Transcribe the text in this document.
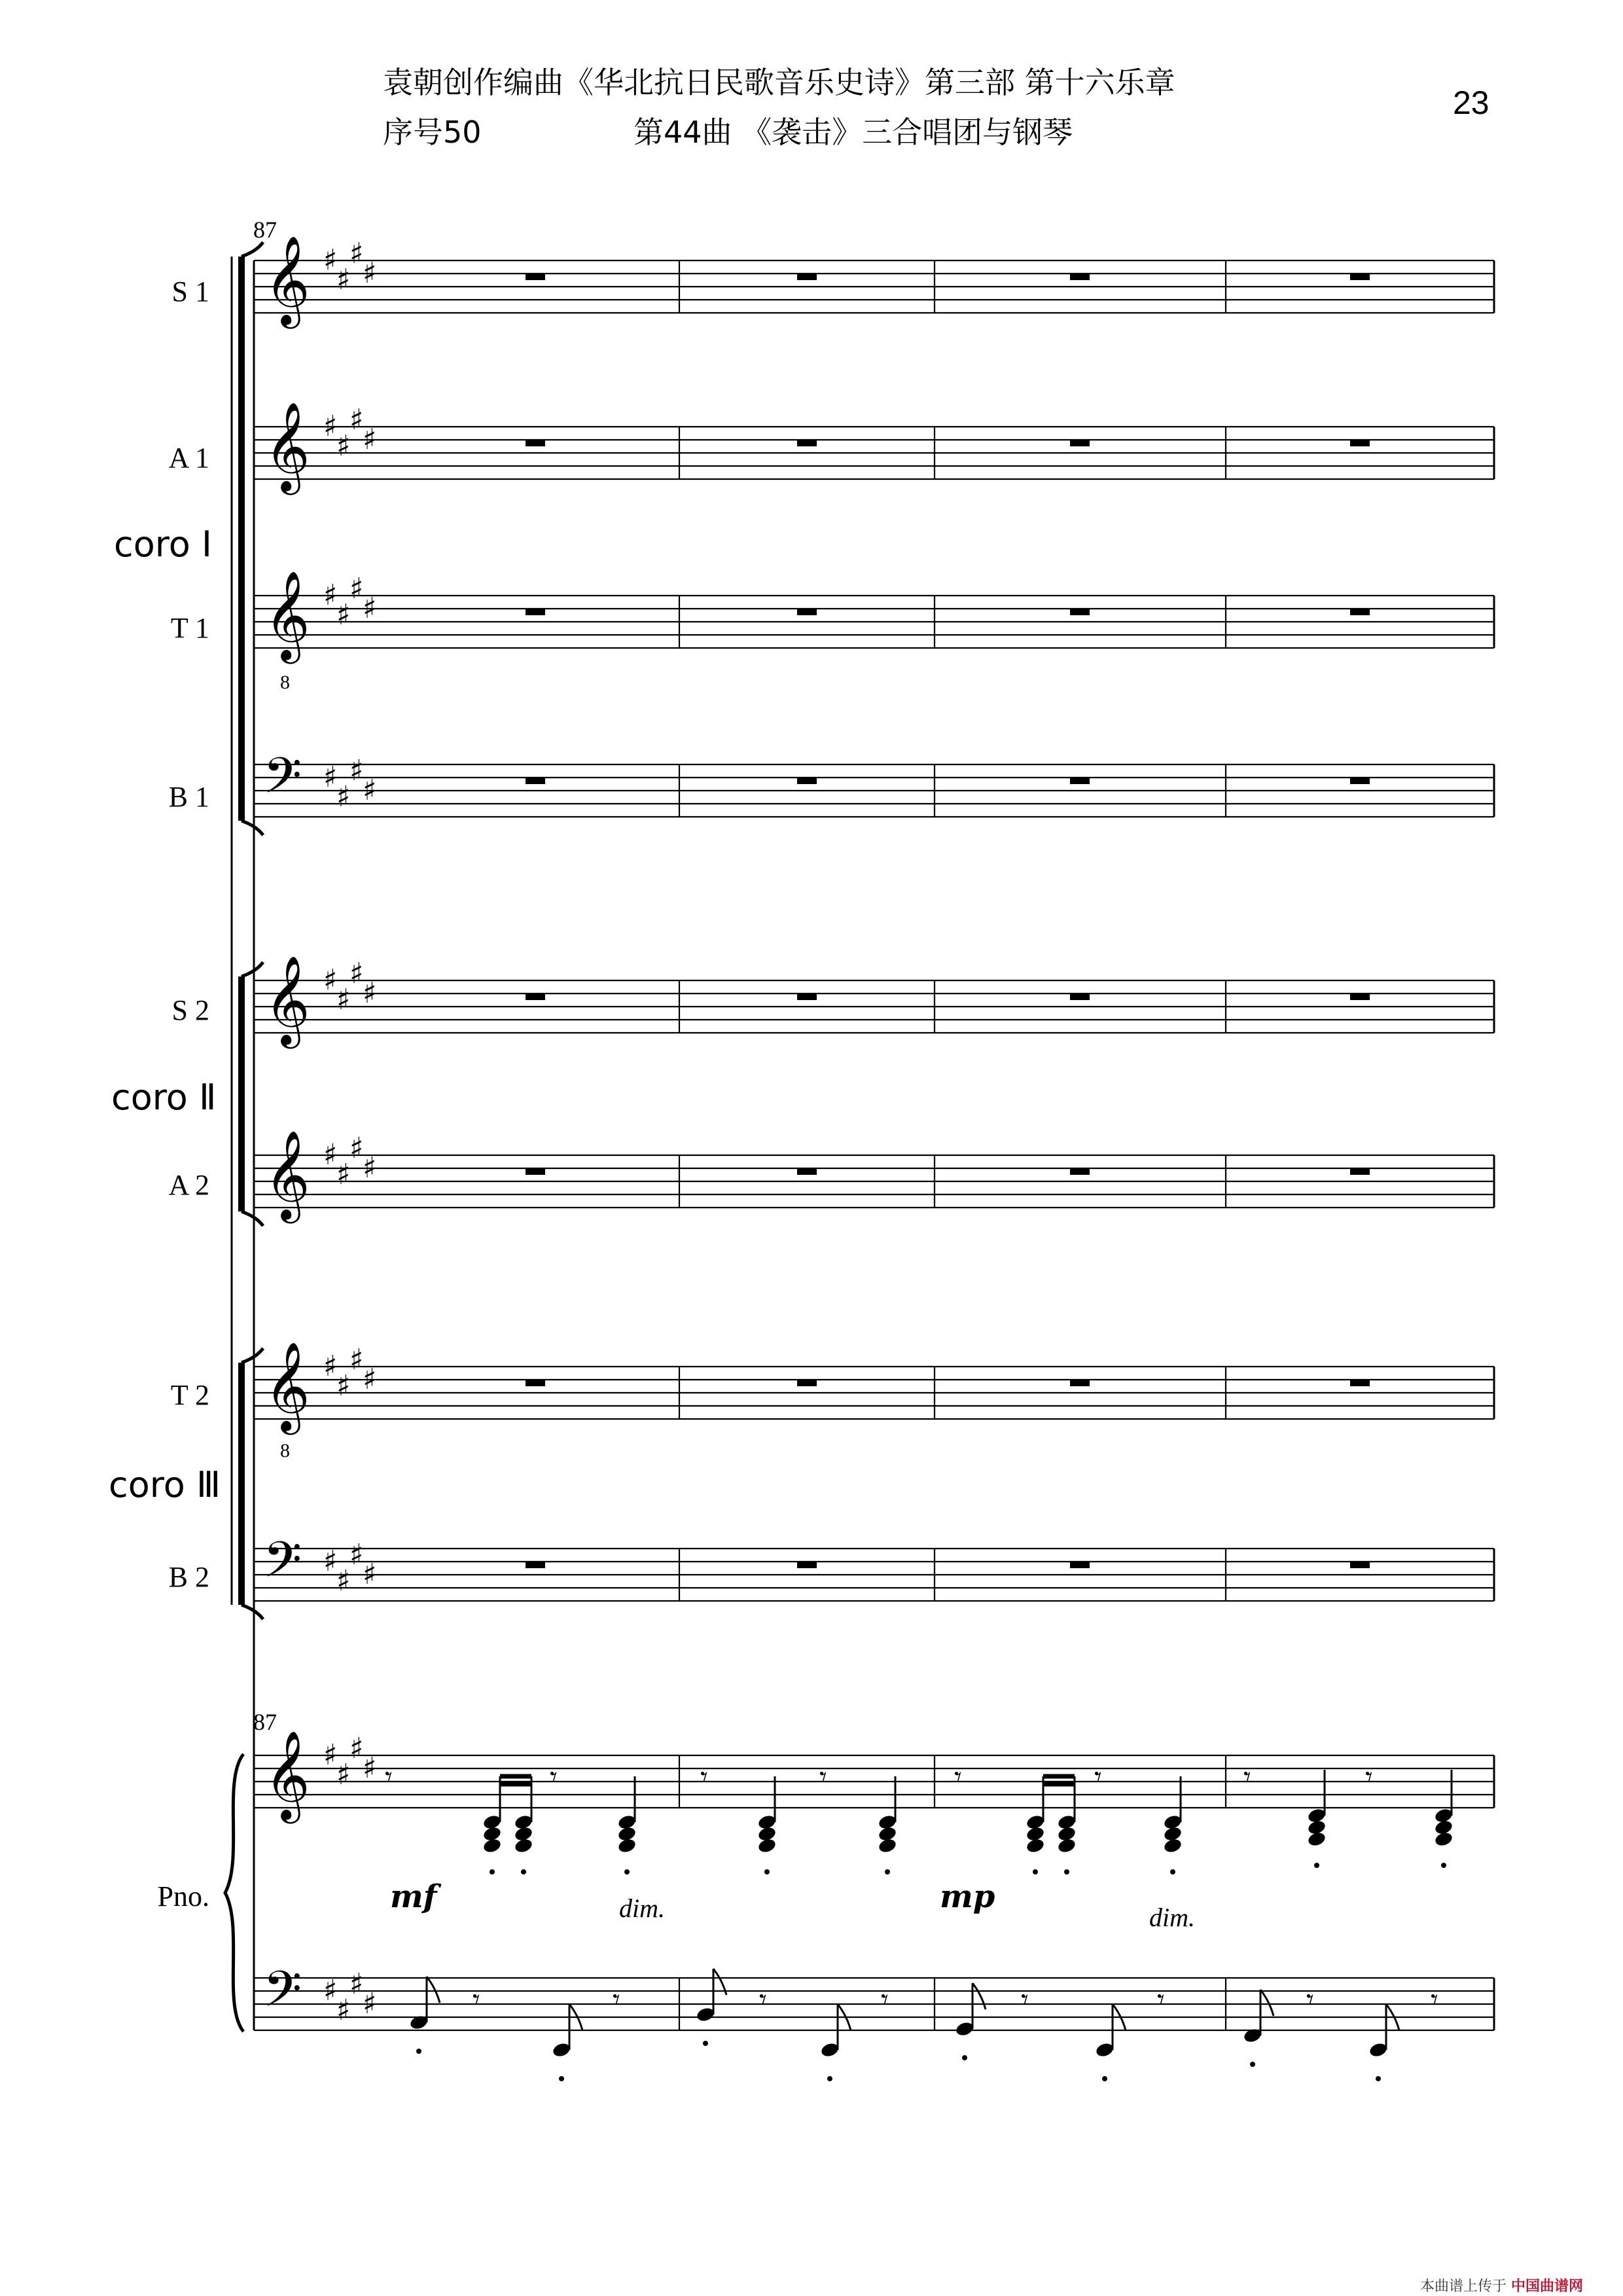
袁朝创作编曲《华北抗日民歌音乐史诗》第三部 第十六乐章
序号50	第44曲 《袭击》三合唱团与钢琴
23
87
87
S 1
A 1
T 1
B 1
S 2
A 2
T 2
B 2
coro Ⅰ
coro Ⅱ
coro Ⅲ
Pno.
8
8
mf	dim.	mp
dim.
𝄞 ♯
♯
♯
♯
𝄞 ♯
♯
♯
♯
𝄞 ♯
♯
♯
♯
𝄢 ♯
♯
♯
♯
𝄞 ♯
♯
♯
♯
𝄞 ♯
♯
♯
♯
𝄞 ♯
♯
♯
♯
𝄢 ♯
♯
♯
♯
𝄞 ♯
♯
♯
♯
𝄢 ♯
♯
♯
♯
𝄾	𝄾	𝄾	𝄾	𝄾	𝄾	𝄾	𝄾
𝄾	𝄾	𝄾	𝄾	𝄾	𝄾	𝄾	𝄾
本曲谱上传于 中国曲谱网
